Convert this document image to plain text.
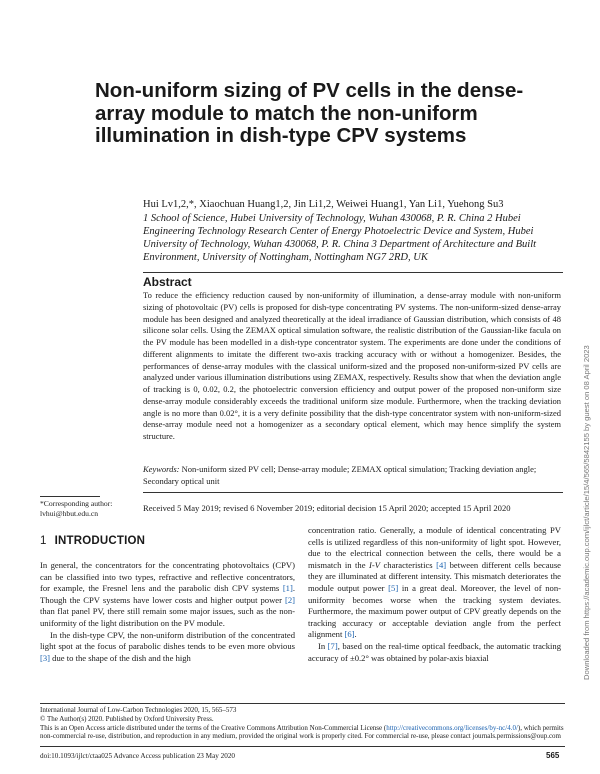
Non-uniform sizing of PV cells in the dense-array module to match the non-uniform illumination in dish-type CPV systems
Hui Lv1,2,*, Xiaochuan Huang1,2, Jin Li1,2, Weiwei Huang1, Yan Li1, Yuehong Su3
1 School of Science, Hubei University of Technology, Wuhan 430068, P. R. China 2 Hubei Engineering Technology Research Center of Energy Photoelectric Device and System, Hubei University of Technology, Wuhan 430068, P. R. China 3 Department of Architecture and Built Environment, University of Nottingham, Nottingham NG7 2RD, UK
Abstract

To reduce the efficiency reduction caused by non-uniformity of illumination, a dense-array module with non-uniform sizing of photovoltaic (PV) cells is proposed for dish-type concentrating PV systems. The non-uniform-sized dense-array module has been designed and analyzed theoretically at the ideal irradiance of Gaussian distribution, which consists of 48 silicone solar cells. Using the ZEMAX optical simulation software, the realistic distribution of the Gaussian-like facula on the PV module has been modelled in a dish-type concentrator system. The experiments are done under the conditions of different alignments to imitate the different two-axis tracking accuracy with or without a homogenizer. Besides, the performances of dense-array modules with the classical uniform-sized and the proposed non-uniform-sized PV cells are analyzed under various illumination distributions using ZEMAX, respectively. Results show that when the deviation angle of tracking is 0, 0.02, 0.2, the photoelectric conversion efficiency and output power of the proposed non-uniform size dense-array module considerably exceeds the traditional uniform size module. Furthermore, when the tracking deviation angle is no more than 0.02°, it is a very definite possibility that the dish-type concentrator system with non-uniform-sized dense-array module need not a homogenizer as a secondary optical element, which may hence simplify the system structure.

Keywords: Non-uniform sized PV cell; Dense-array module; ZEMAX optical simulation; Tracking deviation angle; Secondary optical unit

*Corresponding author:
lvhui@hbut.edu.cn
Received 5 May 2019; revised 6 November 2019; editorial decision 15 April 2020; accepted 15 April 2020
1 INTRODUCTION

In general, the concentrators for the concentrating photovoltaics (CPV) can be classified into two types, refractive and reflective concentrators, for example, the Fresnel lens and the parabolic dish CPV systems [1]. Though the CPV systems have lower costs and higher output power [2] than flat panel PV, there still remain some major issues, such as the non-uniformity of the light distribution on the PV module.

In the dish-type CPV, the non-uniform distribution of the concentrated light spot at the focus of parabolic dishes tends to be even more obvious [3] due to the shape of the dish and the high

concentration ratio. Generally, a module of identical concentrating PV cells is utilized regardless of this non-uniformity of light spot. However, due to the electrical connection between the cells, there would be a mismatch in the I-V characteristics [4] between different cells because they are illuminated at different intensity. This mismatch deteriorates the module output power [5] in a great deal. Moreover, the level of non-uniformity becomes worse when the tracking system deviates. Furthermore, the maximum power output of CPV greatly depends on the tracking accuracy or acceptable deviation angle from the perfect alignment [6].

In [7], based on the real-time optical feedback, the automatic tracking accuracy of ±0.2° was obtained by polar-axis biaxial

International Journal of Low-Carbon Technologies 2020, 15, 565–573
© The Author(s) 2020. Published by Oxford University Press.
This is an Open Access article distributed under the terms of the Creative Commons Attribution Non-Commercial License (http://creativecommons.org/licenses/by-nc/4.0/), which permits non-commercial re-use, distribution, and reproduction in any medium, provided the original work is properly cited. For commercial re-use, please contact journals.permissions@oup.com
doi:10.1093/ijlct/ctaa025 Advance Access publication 23 May 2020	565
Downloaded from https://academic.oup.com/ijlct/article/15/4/565/5842155 by guest on 08 April 2023
